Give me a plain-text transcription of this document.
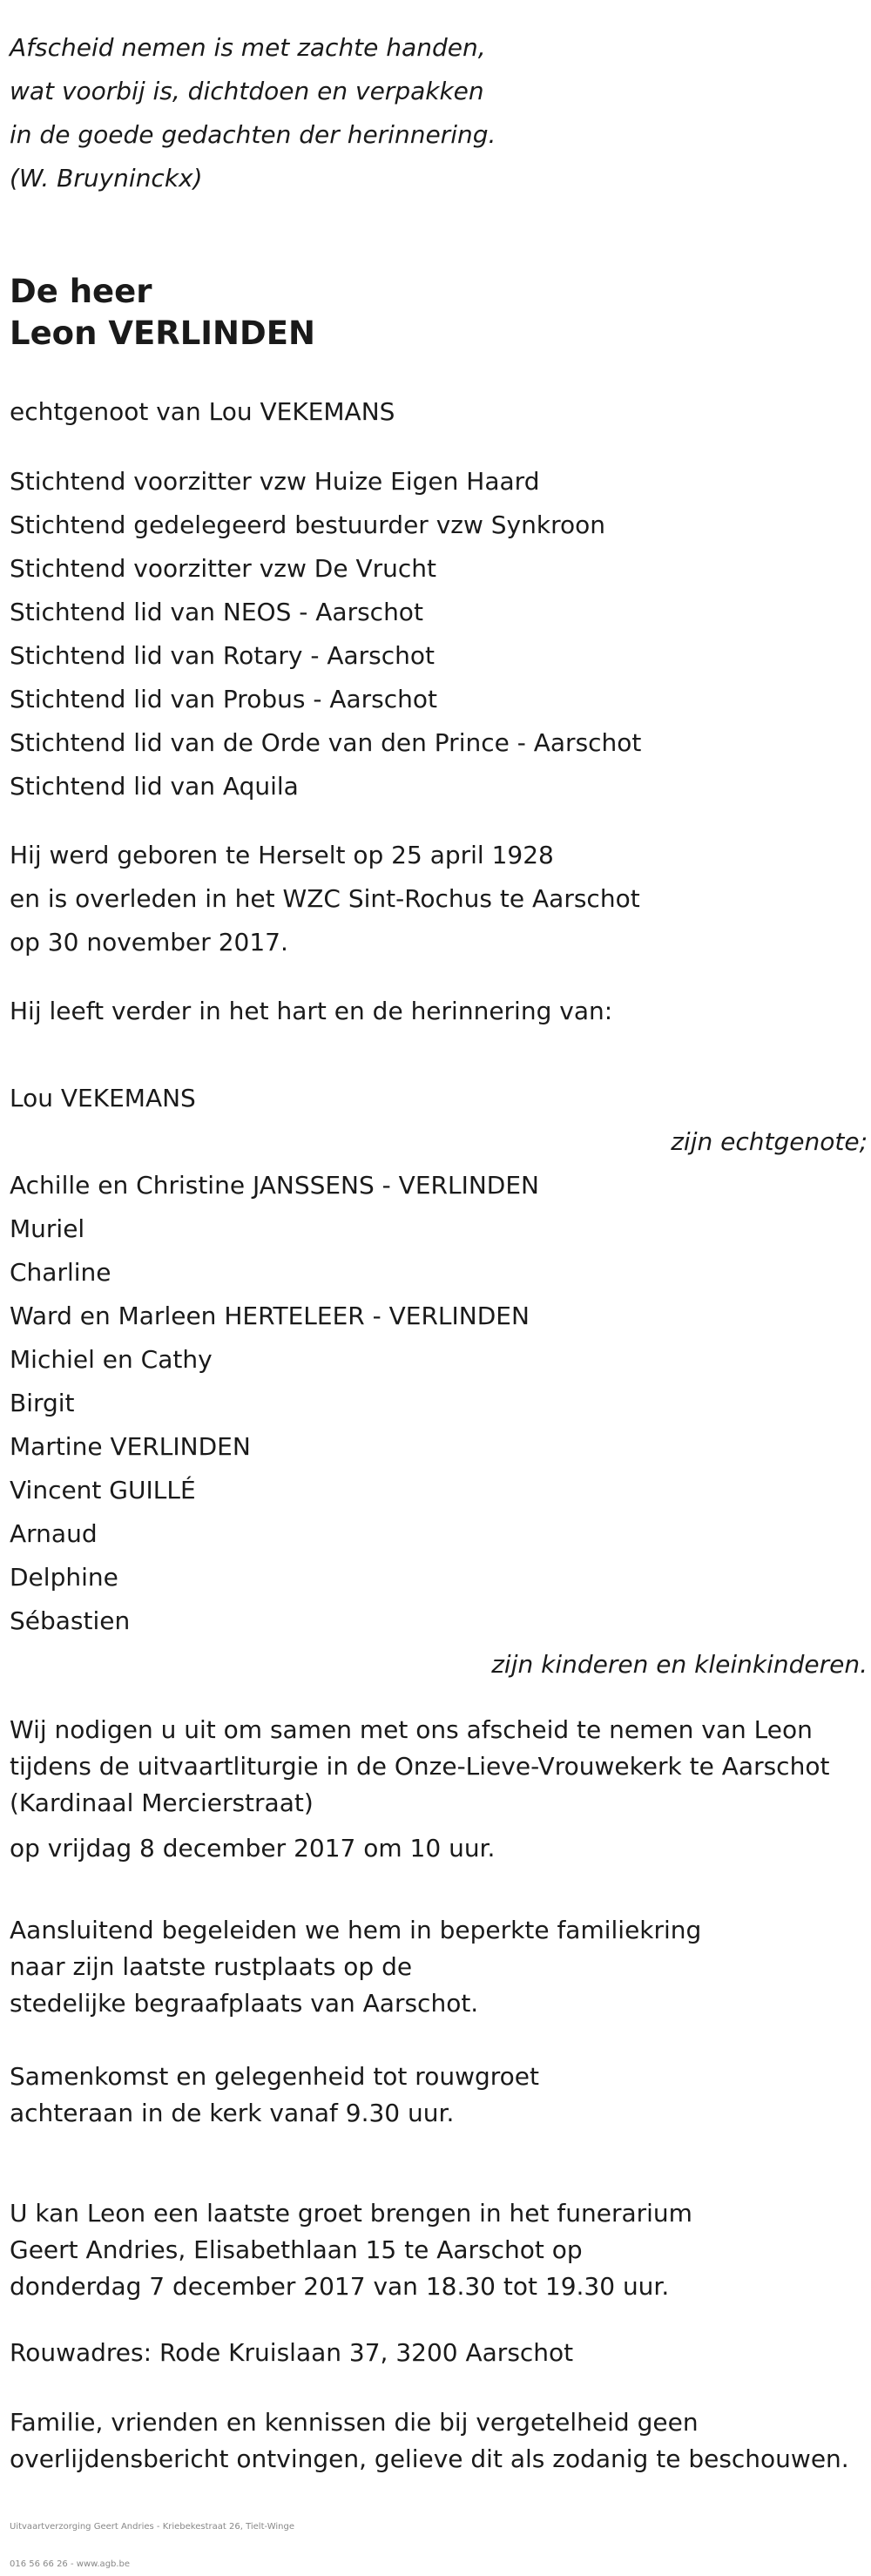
Afscheid nemen is met zachte handen,
wat voorbij is, dichtdoen en verpakken
in de goede gedachten der herinnering.
(W. Bruyninckx)
De heer
Leon VERLINDEN
echtgenoot van Lou VEKEMANS
Stichtend voorzitter vzw Huize Eigen Haard
Stichtend gedelegeerd bestuurder vzw Synkroon
Stichtend voorzitter vzw De Vrucht
Stichtend lid van NEOS - Aarschot
Stichtend lid van Rotary - Aarschot
Stichtend lid van Probus - Aarschot
Stichtend lid van de Orde van den Prince - Aarschot
Stichtend lid van Aquila
Hij werd geboren te Herselt op 25 april 1928
en is overleden in het WZC Sint-Rochus te Aarschot
op 30 november 2017.
Hij leeft verder in het hart en de herinnering van:
Lou VEKEMANS
zijn echtgenote;
Achille en Christine JANSSENS - VERLINDEN
Muriel
Charline
Ward en Marleen HERTELEER - VERLINDEN
Michiel en Cathy
Birgit
Martine VERLINDEN
Vincent GUILLÉ
Arnaud
Delphine
Sébastien
zijn kinderen en kleinkinderen.
Wij nodigen u uit om samen met ons afscheid te nemen van Leon tijdens de uitvaartliturgie in de Onze-Lieve-Vrouwekerk te Aarschot (Kardinaal Mercierstraat)
op vrijdag 8 december 2017 om 10 uur.
Aansluitend begeleiden we hem in beperkte familiekring
naar zijn laatste rustplaats op de
stedelijke begraafplaats van Aarschot.
Samenkomst en gelegenheid tot rouwgroet
achteraan in de kerk vanaf 9.30 uur.
U kan Leon een laatste groet brengen in het funerarium
Geert Andries, Elisabethlaan 15 te Aarschot op
donderdag 7 december 2017 van 18.30 tot 19.30 uur.
Rouwadres: Rode Kruislaan 37, 3200 Aarschot
Familie, vrienden en kennissen die bij vergetelheid geen
overlijdensbericht ontvingen, gelieve dit als zodanig te beschouwen.
Uitvaartverzorging Geert Andries - Kriebekestraat 26, Tielt-Winge
016 56 66 26 - www.agb.be
